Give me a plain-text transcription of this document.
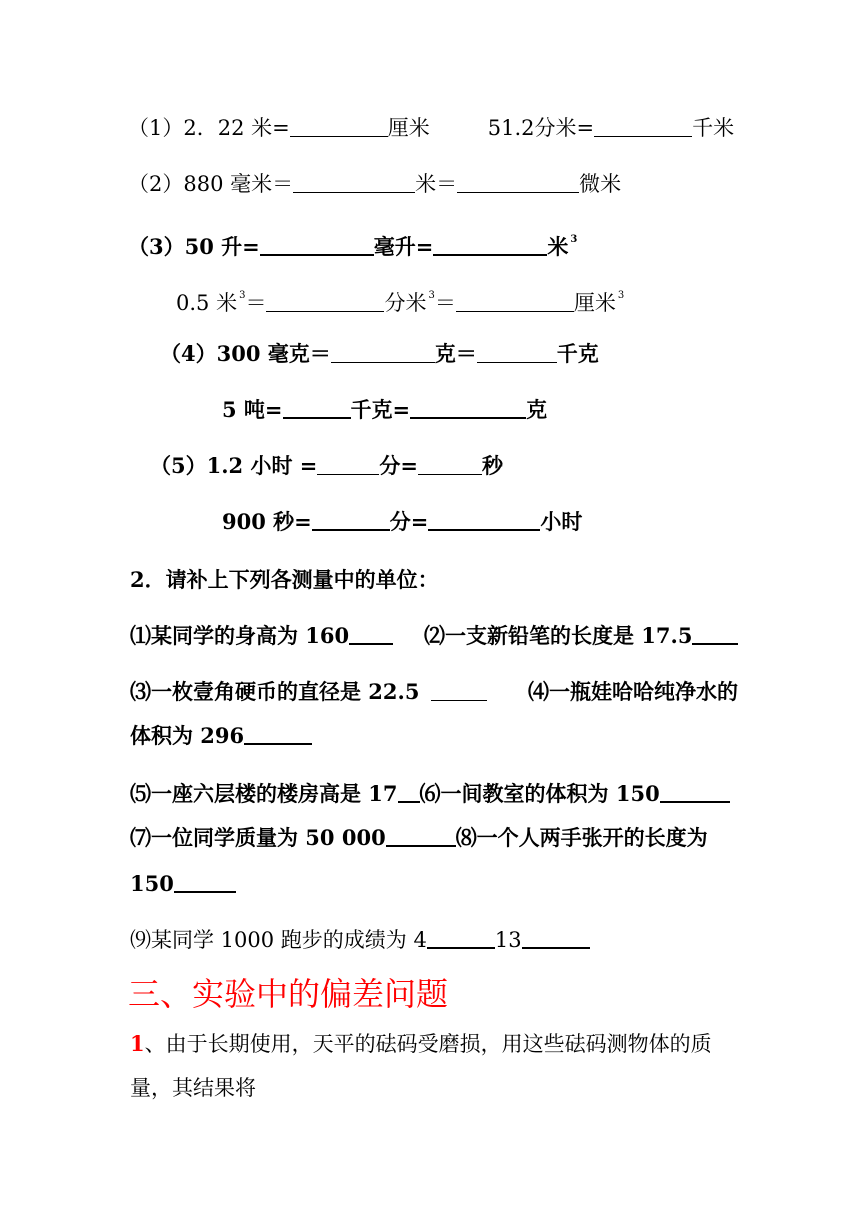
（1）2．22 米=	厘米	51.2分米=	千米
（2）880 毫米＝	米＝	微米
（3）50 升=	毫升=	米 $^3$
0.5 米 $^3$＝	分米 $^3$＝	厘米 $^3$
（4）300 毫克＝	克＝	千克
5 吨=	千克=	克
（5）1.2 小时 =	分=	秒
900 秒=	分=	小时
2．请补上下列各测量中的单位：
⑴某同学的身高为 160	⑵一支新铅笔的长度是 17.5
⑶一枚壹角硬币的直径是 22.5	⑷一瓶娃哈哈纯净水的
体积为 296
⑸一座六层楼的楼房高是 17 ⑹一间教室的体积为 150
⑺一位同学质量为 50 000	⑻一个人两手张开的长度为
150
⑼某同学 1000 跑步的成绩为 4	13
三、实验中的偏差问题
1、由于长期使用，天平的砝码受磨损，用这些砝码测物体的质
量，其结果将
